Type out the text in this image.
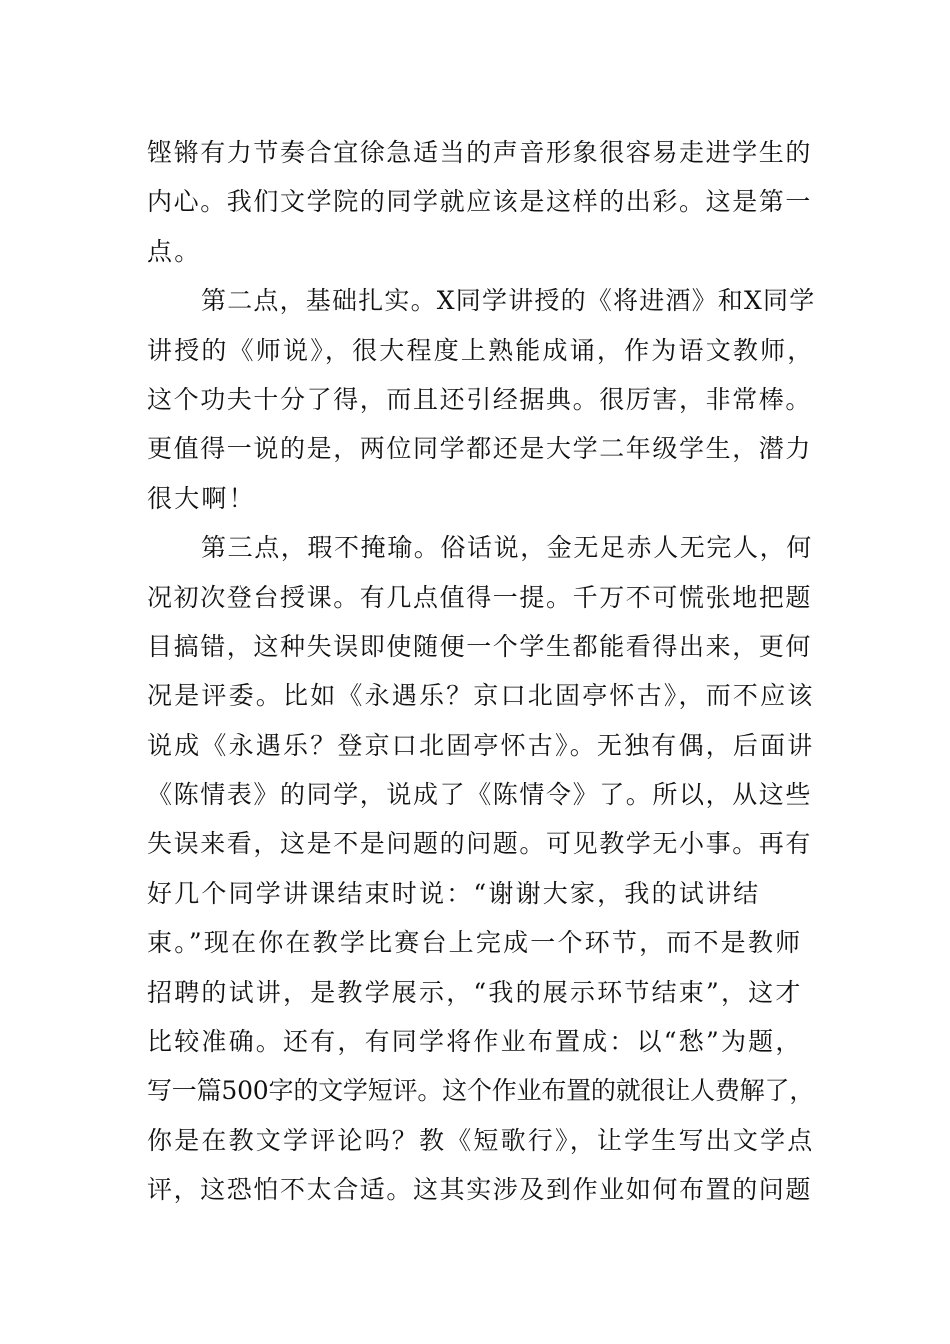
铿锵有力节奏合宜徐急适当的声音形象很容易走进学生的
内心。我们文学院的同学就应该是这样的出彩。这是第一
点。
第二点，基础扎实。X同学讲授的《将进酒》和X同学
讲授的《师说》，很大程度上熟能成诵，作为语文教师，
这个功夫十分了得，而且还引经据典。很厉害，非常棒。
更值得一说的是，两位同学都还是大学二年级学生，潜力
很大啊！
第三点，瑕不掩瑜。俗话说，金无足赤人无完人，何
况初次登台授课。有几点值得一提。千万不可慌张地把题
目搞错，这种失误即使随便一个学生都能看得出来，更何
况是评委。比如《永遇乐？京口北固亭怀古》，而不应该
说成《永遇乐？登京口北固亭怀古》。无独有偶，后面讲
《陈情表》的同学，说成了《陈情令》了。所以，从这些
失误来看，这是不是问题的问题。可见教学无小事。再有
好几个同学讲课结束时说：“谢谢大家，我的试讲结
束。”现在你在教学比赛台上完成一个环节，而不是教师
招聘的试讲，是教学展示，“我的展示环节结束”，这才
比较准确。还有，有同学将作业布置成：以“愁”为题，
写一篇500字的文学短评。这个作业布置的就很让人费解了，
你是在教文学评论吗？教《短歌行》，让学生写出文学点
评，这恐怕不太合适。这其实涉及到作业如何布置的问题
